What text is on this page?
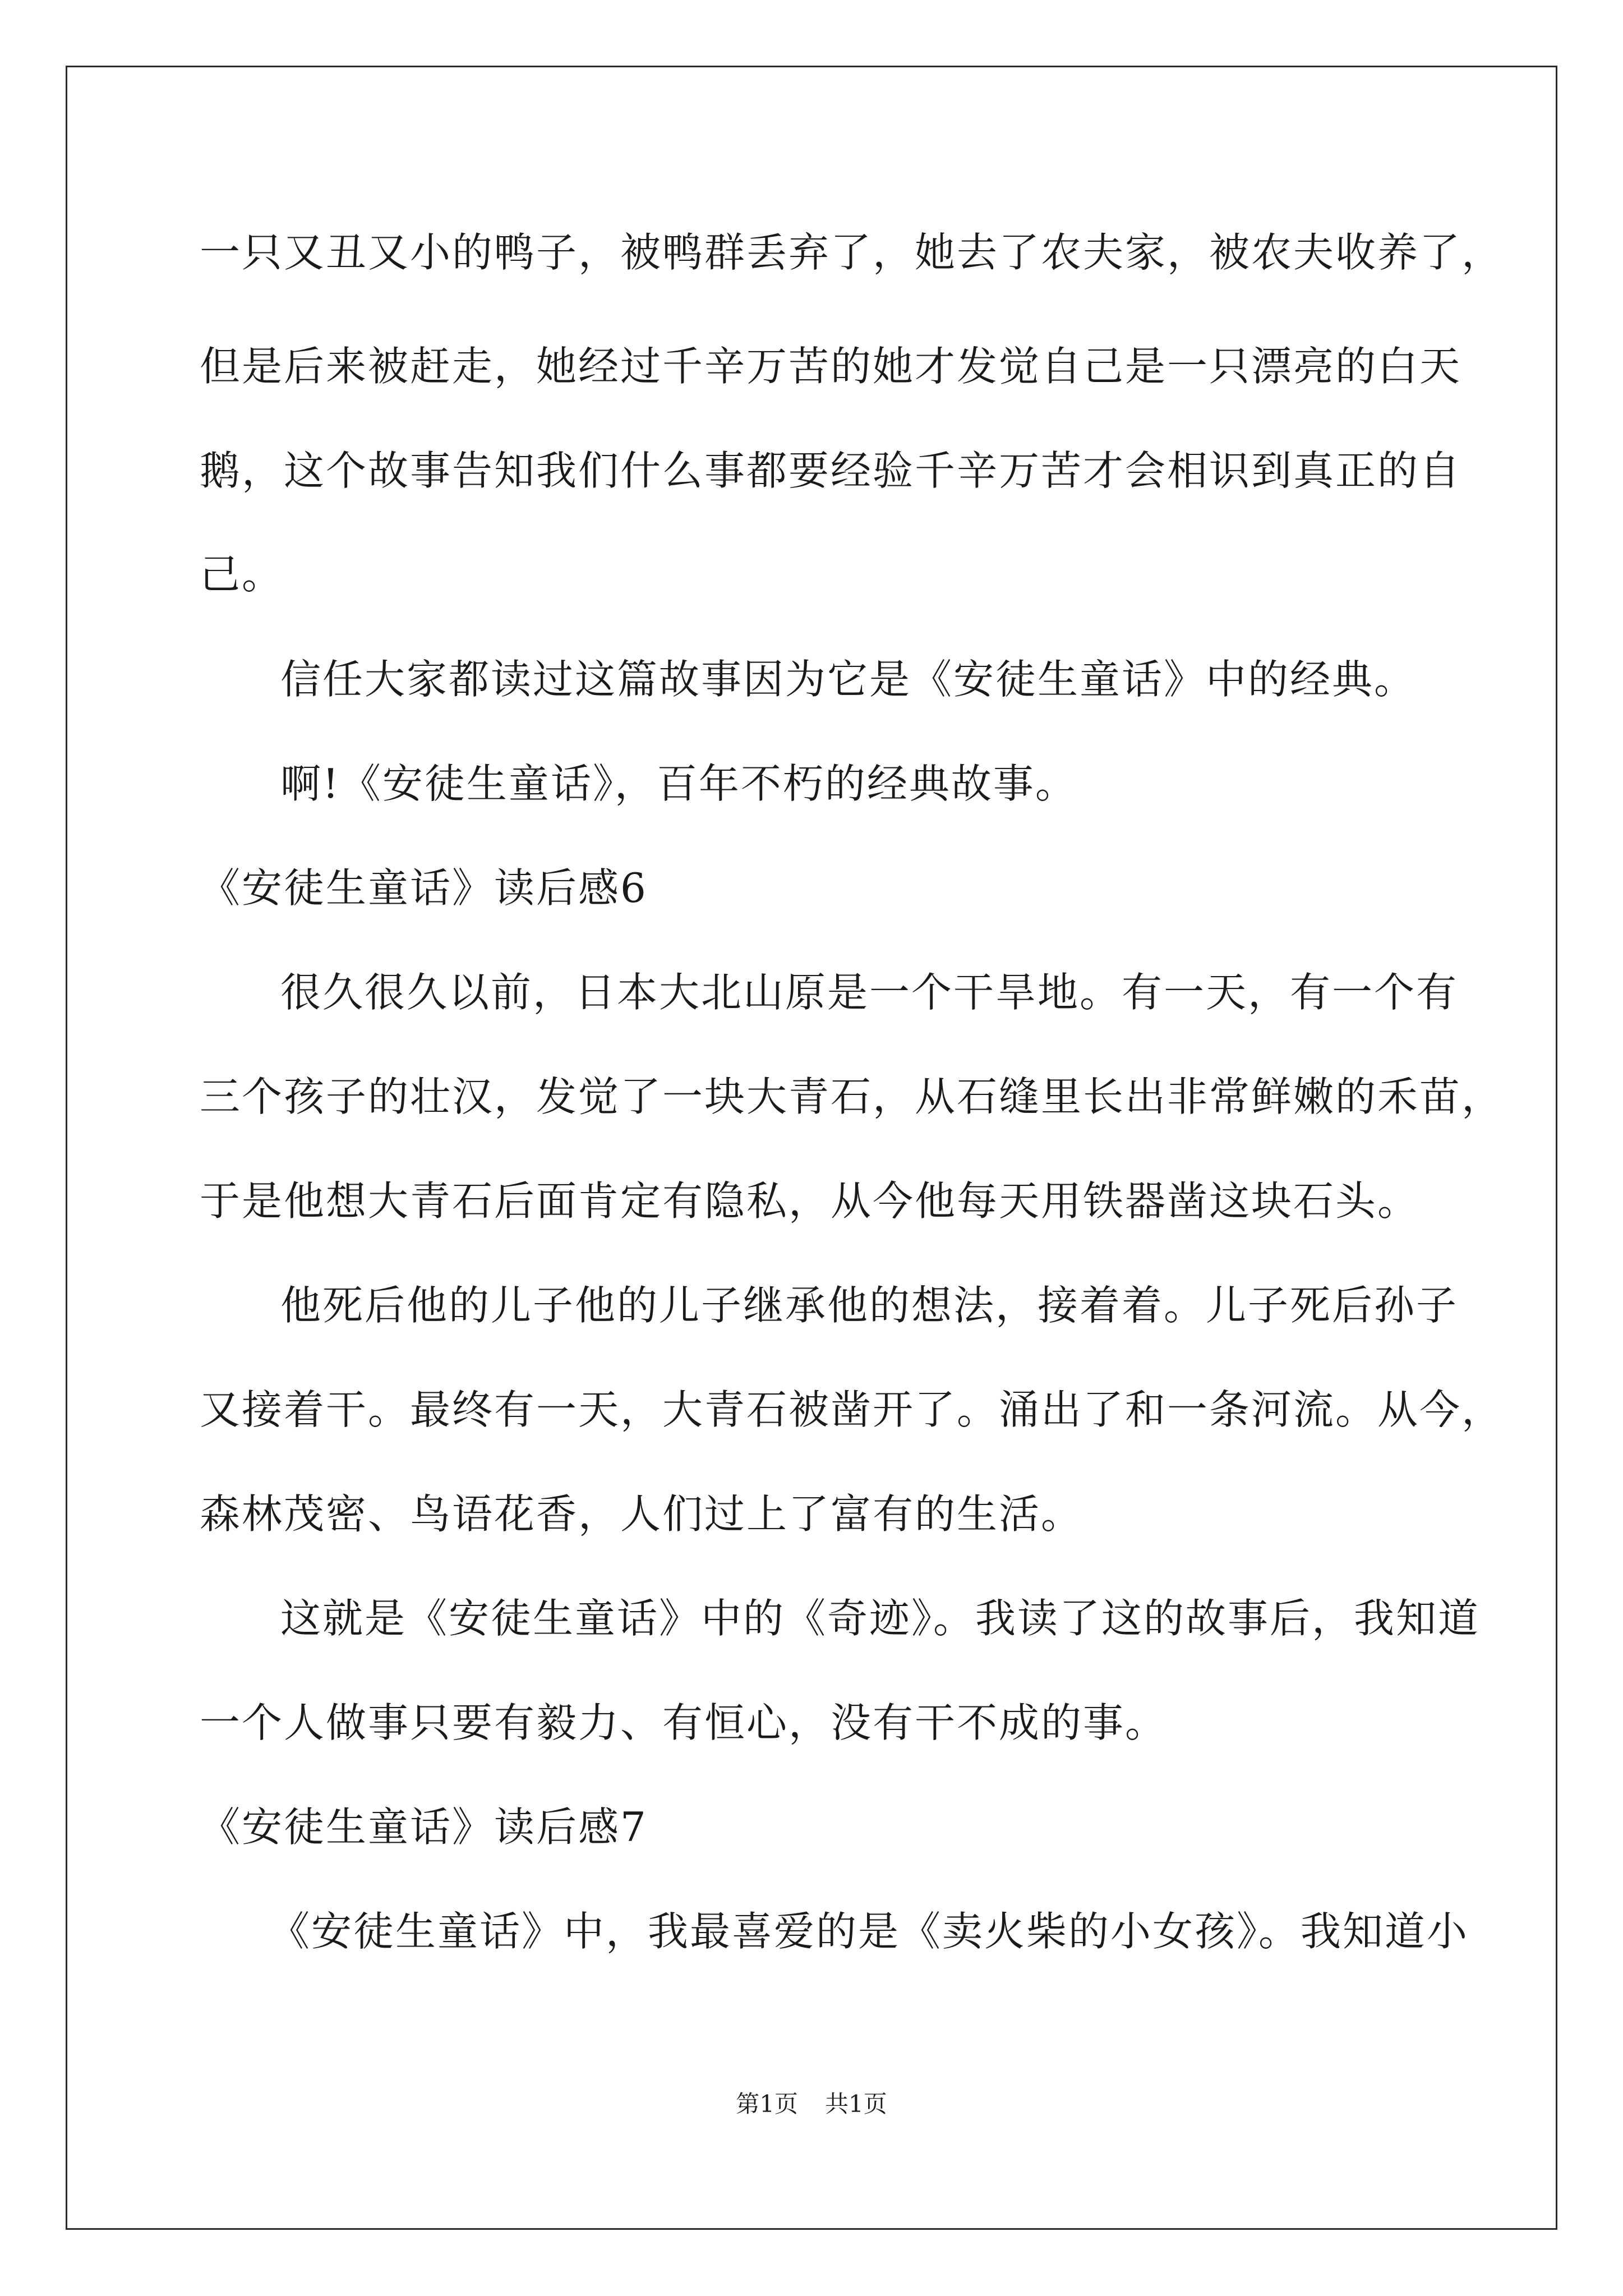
一只又丑又小的鸭子，被鸭群丢弃了，她去了农夫家，被农夫收养了，
但是后来被赶走，她经过千辛万苦的她才发觉自己是一只漂亮的白天
鹅，这个故事告知我们什么事都要经验千辛万苦才会相识到真正的自
己。
信任大家都读过这篇故事因为它是《安徒生童话》中的经典。
啊!《安徒生童话》，百年不朽的经典故事。
《安徒生童话》读后感6
很久很久以前，日本大北山原是一个干旱地。有一天，有一个有
三个孩子的壮汉，发觉了一块大青石，从石缝里长出非常鲜嫩的禾苗，
于是他想大青石后面肯定有隐私，从今他每天用铁器凿这块石头。
他死后他的儿子他的儿子继承他的想法，接着着。儿子死后孙子
又接着干。最终有一天，大青石被凿开了。涌出了和一条河流。从今，
森林茂密、鸟语花香，人们过上了富有的生活。
这就是《安徒生童话》中的《奇迹》。我读了这的故事后，我知道
一个人做事只要有毅力、有恒心，没有干不成的事。
《安徒生童话》读后感7
《安徒生童话》中，我最喜爱的是《卖火柴的小女孩》。我知道小
第1页 共1页
